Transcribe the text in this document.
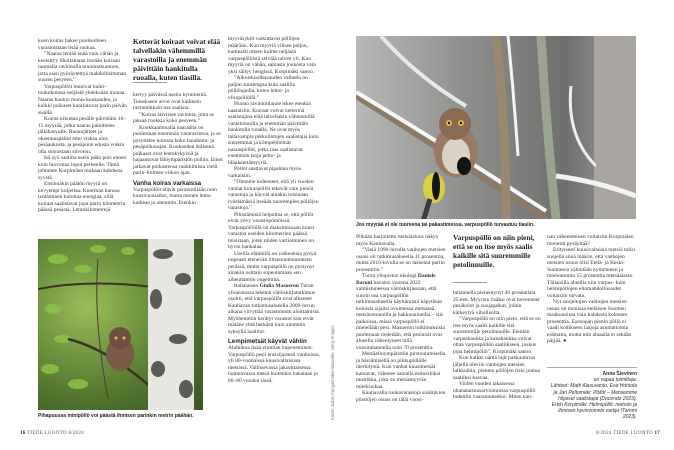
koen koiras hakee puolisolleen varastoistaan lisää ruokaa.

”Naaras lentää enää vain vähän ja keskittyy lihottamaan itseään koiraan tuomalla ravinnolla munintakuntoon, jotta saisi pyöräytettyä mahdollisimman suuren pesyeen.”

Varpuspöllöt munivat huhti–toukokuussa neljästä yhdeksään munaa. Naaras hautoo munia kuukauden, ja kaikki poikaset kuoriutuvat parin päivän sisällä.

Koiras kikuttaa pesälle päivittäin 10–15 myyrää, jotka naaras paloittelee jälkikasvulle. Ruoanjätteet ja oksennuspallot emo viskaa ulos pesäaukosta, ja pesäpuun edusta voikin olla suorastaan siivoton.

Isä syö saaliita usein pään pois ennen kuin luovuttaa loput perheelle. Tämä johtunee Korpimäen mukaan kahdesta syystä.

Ensinnäkin päätön myyrä on kevyempi kuljettaa. Kuorman kanssa lentäminen kuluttaa energiaa, sillä koiraat saalistavat jopa parin kilometrin päässä pesästä. Lentokilometrejä

Ketterät koiraat voivat elää talvellakin vähemmillä varastoilla ja enemmän päivittäin hankitulla ruoalla, kuten tiasilla.

kertyy päivässä useita kymmeniä. Toisekseen aivot ovat kaikkein ravinteikkain osa saalista.

”Koiras tarvitsee ravintoa, jotta se jaksaa ruokkia koko pesyeen.”

Kookkaammalla naaraalla on puolestaan enemmän vararavintoa, ja se pysyttelee kolossa koko haudonta- ja pesäpoikasajan. Kuukauden ikäisenä poikaset ovat lentokykyisiä ja hajaantuvat lähiympäristön puihin. Emot jatkavat poikastensa ruokkimista vielä parin–kolmen viikon ajan.

Vanha koiras varkaissa

Varpuspöllöt elävät pisimmillään noin kuusivuotiaiksi, mutta monen lento katkeaa jo aiemmin. Etenkin

myyräsyklit vaikuttavat pöllöjen määrään. Kun myyriä vilisee paljon, karkeasti ottaen kolme neljästä varpuspöllöstä selviää talven yli. Kun myyriä on vähän, samasta joukosta vain yksi säilyy hengissä, Korpimäki sanoo.

”Aikuiskuolleisuuden vaihtelu on paljon suurempaa kuin saalilla pöllölajeilla, kuten lehto- ja viirupöllöllä.”

Huono ravintotilanne iskee etenkin naaraisiin. Koiraat voivat ketterinä saalistajina elää talvellakin vähemmillä varastoinnilla ja enemmän päivittäin hankitulla ruoalla. Ne ovat myös taitavampia pikkulintujen saalistajia kuin suuremmat ja kömpelömmät naaraspöllöt, jotka taas saalistavat enemmän isoja pelto- ja idänkenttämyyriä.

Pöllöt saattavat pipahtaa myös varkaisiin.

”Olemme todenneet, että yli vuoden vanhat koiraspöllöt tekevät vain pieniä varastoja ja käyvät ainakin toisinaan ryöstämässä itseään nuorempien pöllöjen varastoja.”

Pihistämistä helpottaa se, että pöllöt eivät yövy varastopöntöissä. Varpuspöllöillä on maksimissaan kuusi varastoa useiden kilometrien päässä toisistaan, joten niiden vartioiminen on hyvin hankalaa.

Useilla eläimillä on vaikeuksia pysyä nopeasti etenevän ilmastonmuutoksen perässä, mutta varpuspöllö on pystynyt ainakin osittain sopeutumaan sen aiheuttamiin ongelmiin.

Italialaisen Giulia Masoeron Turun yliopistossa tekemä väitöskirjatutkimus osoitti, että varpuspöllöt ovat alkaneet Kauhavan tutkimusalueella 2000-luvun aikana viivyttää varastoinnin aloittamista. Myöhemmin kerätyt varastot kun eivät mätäne yhtä herkästi kuin aiemmin syksyllä haalitut.

Lempimetsät käyvät vähiin

Ahdinkoa lisää elintilan hupeneminen. Varpuspöllö pesii ensisijaisesti vanhoissa, yli 80-vuotiaissa kuusivaltaisissa metsissä. Vallitsevassa jaksoittaisessa hoitotavassa metsä kuitenkin hakataan jo 60–80 vuoden iässä.

Pihapuussa minipöllö voi päästä ihmisen parinkin metrin päähän.
16 TIEDE LUONTO 8/2024
Jos myyrää ei ole tuoreena tai pakastimessa, varpuspöllö turvautuu tiasiin.
Kuvat: Julian Kangasmäki/Vastavalo, Getty Images

Pitkään harjoitettu metsätalous näkyy myös Kauhavalla.

”Vielä 1990-luvulla vanhojen metsien osuus oli tutkimusalueella 11 prosenttia, mutta 2010-luvulla se on laskenut pariin prosenttiin.”

Turun yliopiston ekologi Daniele Baroni havaitsi vuonna 2022 valmistuneessa väitöskirjassaan, että suurin osa varpuspöllön tutkimusalueella käyttämistä käpytikan koloista sijaitsi avoimessa metsässä, metsänreunoilla ja hakkuualueilla – siis paikoissa, missä varpuspöllö ei mielellään pesi. Masoeron tutkimuksista puolestaan tiedetään, että pesinnät ovat alueella vähentyneet tällä vuosituhannella noin 70 prosenttia.

Metsäelinympäristön pirstoutumisella ja häviämisellä on pikkupöllölle merkitystä. Kun vanhat kuusimetsät katoavat, vähenee samalla esimerkiksi mustikka, joka on metsämyyrän mieliruokaa.

Kauhavalla ruokavarastoja sisältävien pönttöjen osuus on tällä vuosi-

Varpuspöllö on niin pieni, että se on itse myös saalis kaikille sitä suuremmille petolinnuille.

tuhannella pienentynyt 40 prosentista 25:een. Myyrien lisäksi ovat huvenneet pesäkolot ja suojapaikat, joihin kätkeytyä vihollisilta.

”Varpuspöllö on niin pieni, että se on itse myös saalis kaikille sitä suuremmille petolinnuille. Etenkin varpushaukka ja kanahaukka voivat ottaa varpuspöllön saaliikseen, joskus jopa helmipöllö”, Korpimäki sanoo.

Kun kaikki nämä lajit pakkautuvat jäljellä oleviin vanhojen metsien laikkuihin, pienten pöllöjen riski joutua saaliiksi kasvaa.

Viiden vuoden takaisessa uhanalaisuusarvioinnissa varpuspöllö todettiin vaarantuneeksi. Miten kan-

nan väheneminen voitaisiin Korpimäen mielestä pysäyttää?

Erityisesti kuusivaltaisia metsiä tulisi suojella siinä määrin, että vanhojen metsien osuus olisi Etelä- ja Keski-Suomessa vähintään kymmenen ja mieluummin 15 prosenttia metsäalasta. Tällaisilla alueilla niin varpus- kuin helmipöllöjen elinmahdollisuudet voitaisiin turvata.

Nyt suojeltujen vanhojen metsien osuus on monissa eteläisen Suomen maakunnissa vain kahdesta kolmeen prosenttia. Euroopan pienin pöllö ei vaadi kodikseen laajoja asumattomia erämaita, mutta niin ahtaalla ei sekään pärjää. ●

Anna Sievinen
on vapaa toimittaja.
Lähteet: Matti Alasuvanto, Esa Hohtola ja Jari Peltomäki: Pöllöt – Metsiemme hiljaiset saalistajat (Docendo 2023). Erkki Korpimäki: Helmipöllö: metsän ja ihmisen hyvinvoinnin vartija (Tammi 2023).
8/2024 TIEDE LUONTO 17
